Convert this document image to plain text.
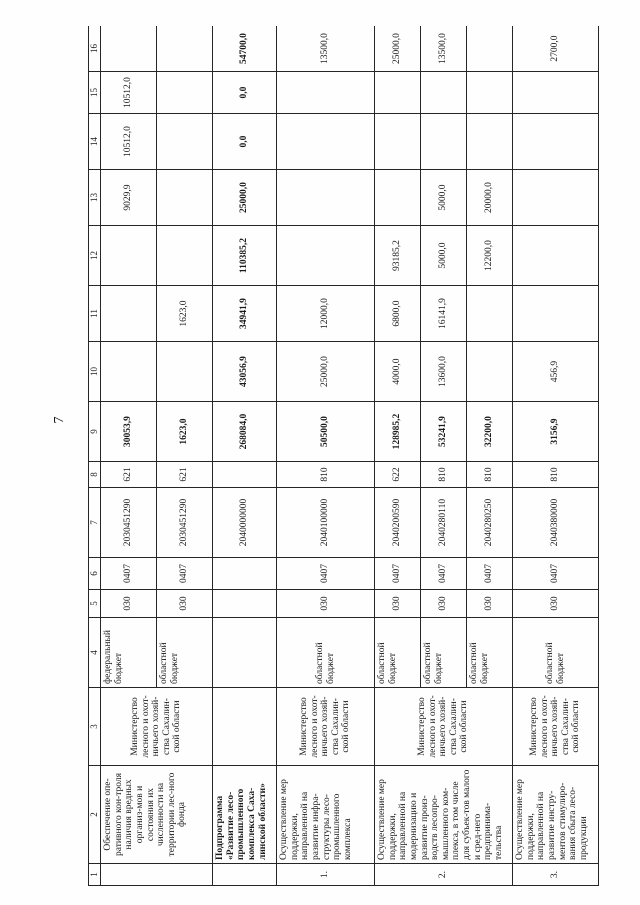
7
1	2	3	4	5	6	7	8	9	10	11	12	13	14	15	16
	Обеспечение опе-ративного кон-троля наличия вредных организ-мов и состояния их численности на территории лес-ного фонда	Министерство лесного и охот-ничьего хозяй-ства Сахалин-ской области	федеральный бюджет	030	0407	2030451290	621	30053,9				9029,9	10512,0	10512,0	
			областной бюджет	030	0407	2030451290	621	1623,0		1623,0					
	Подпрограмма «Развитие лесо-промышленного комплекса Саха-линской области»					2040000000		268084,0	43056,9	34941,9	110385,2	25000,0	0,0	0,0	54700,0
1.	Осуществление мер поддержки, направленной на развитие инфра-структуры лесо-промышленного комплекса	Министерство лесного и охот-ничьего хозяй-ства Сахалин-ской области	областной бюджет	030	0407	2040100000	810	50500,0	25000,0	12000,0					13500,0
2.	Осуществление мер поддержки, направленной на модернизацию и развитие произ-водств лесопро-мышленного ком-плекса, в том числе для субъек-тов малого и сред-него предпринима-тельства	Министерство лесного и охот-ничьего хозяй-ства Сахалин-ской области	областной бюджет	030	0407	2040200590	622	128985,2	4000,0	6800,0	93185,2				25000,0
			областной бюджет	030	0407	2040280110	810	53241,9	13600,0	16141,9	5000,0	5000,0			13500,0
			областной бюджет	030	0407	2040280250	810	32200,0			12200,0	20000,0			
3.	Осуществление мер поддержки, направленной на развитие инстру-ментов стимулиро-вания сбыта лесо-продукции	Министерство лесного и охот-ничьего хозяй-ства Сахалин-ской области	областной бюджет	030	0407	2040380000	810	3156,9	456,9						2700,0
